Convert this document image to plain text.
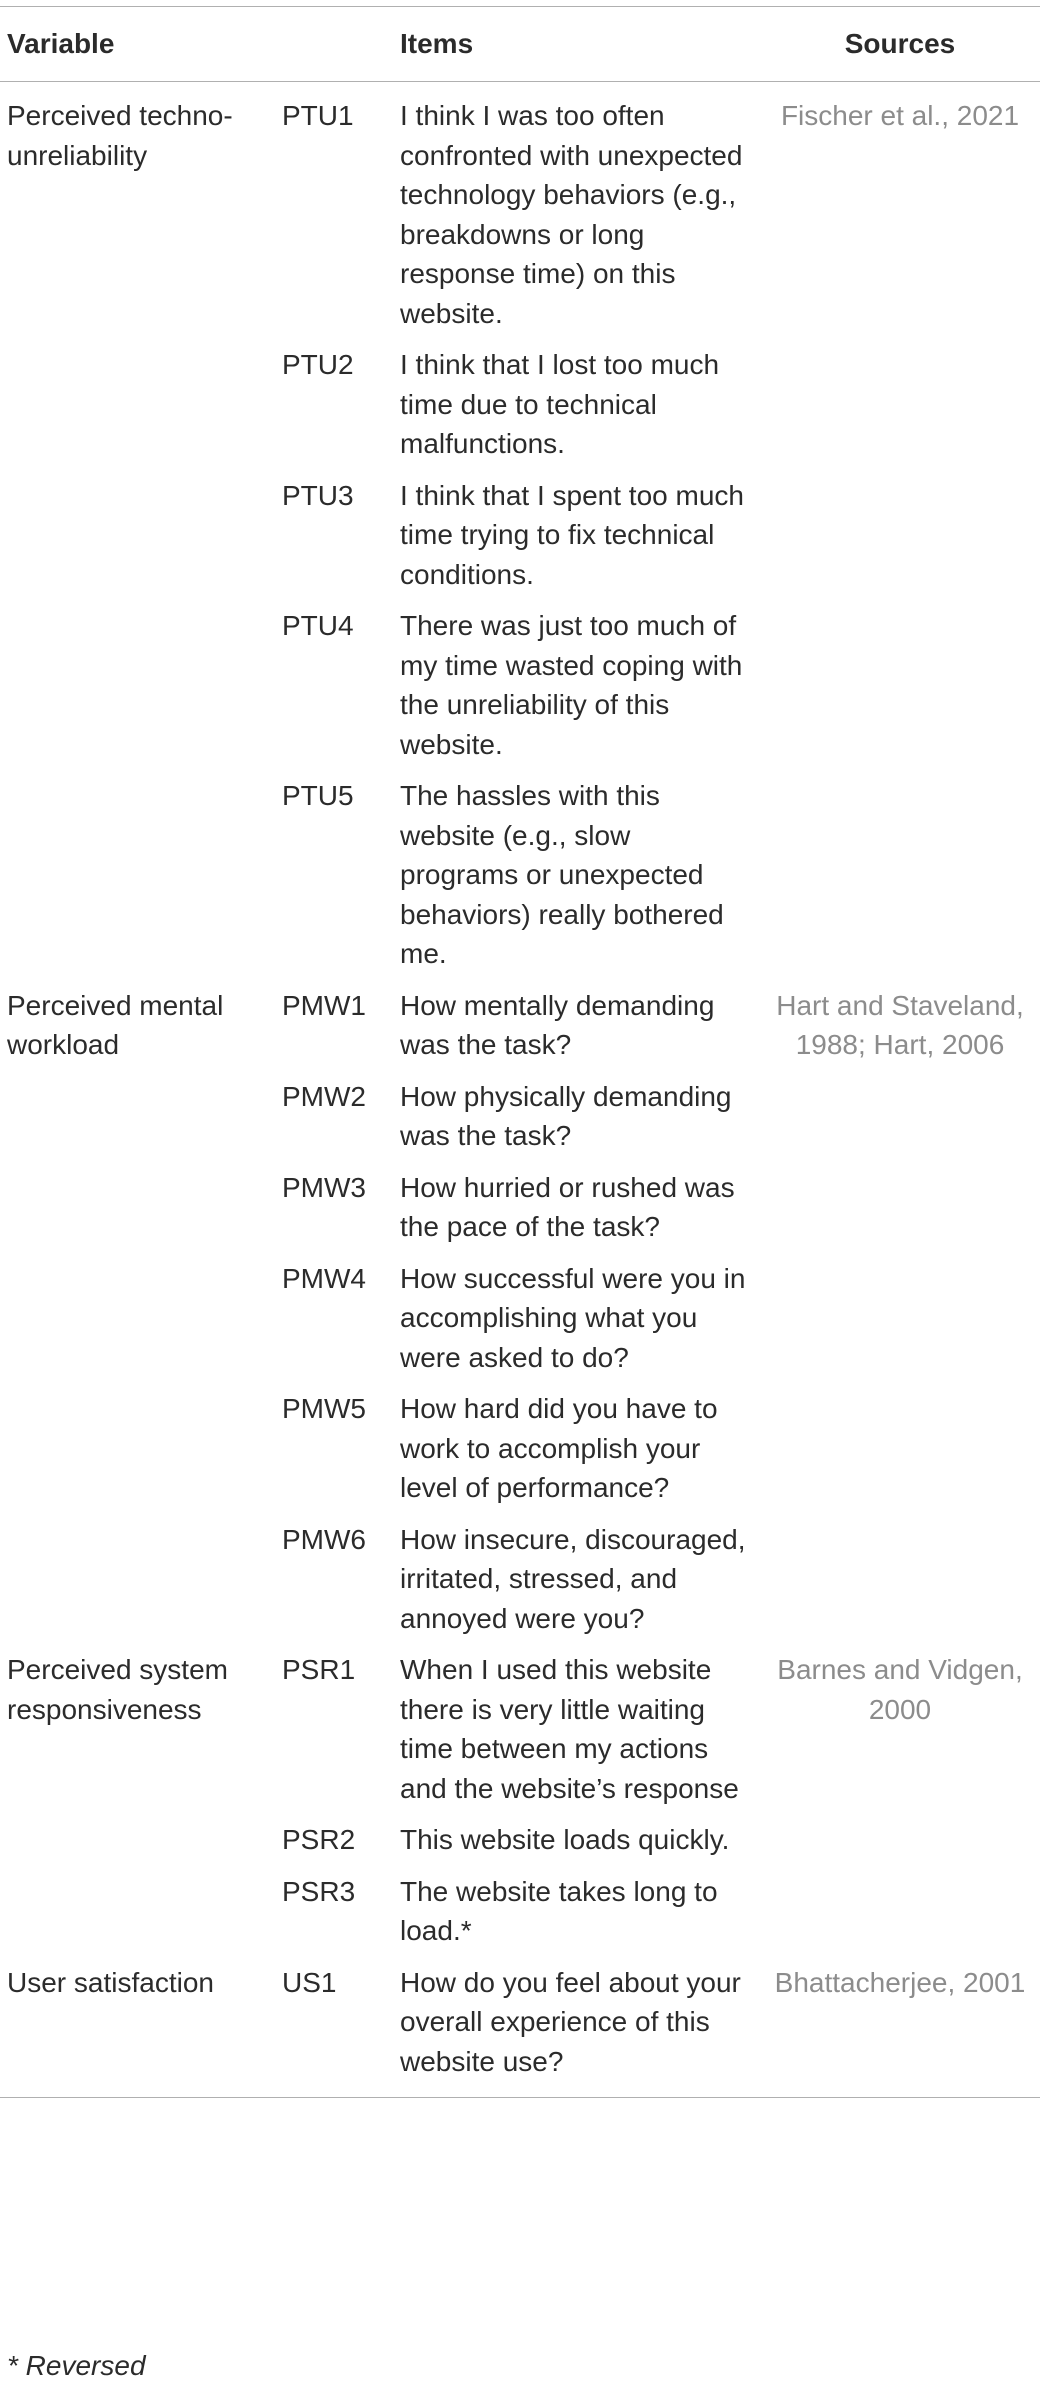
Variable		Items	Sources
Perceived techno-unreliability	PTU1	I think I was too often confronted with unexpected technology behaviors (e.g., breakdowns or long response time) on this website.	Fischer et al., 2021
	PTU2	I think that I lost too much time due to technical malfunctions.	
	PTU3	I think that I spent too much time trying to fix technical conditions.	
	PTU4	There was just too much of my time wasted coping with the unreliability of this website.	
	PTU5	The hassles with this website (e.g., slow programs or unexpected behaviors) really bothered me.	
Perceived mental workload	PMW1	How mentally demanding was the task?	Hart and Staveland, 1988; Hart, 2006
	PMW2	How physically demanding was the task?	
	PMW3	How hurried or rushed was the pace of the task?	
	PMW4	How successful were you in accomplishing what you were asked to do?	
	PMW5	How hard did you have to work to accomplish your level of performance?	
	PMW6	How insecure, discouraged, irritated, stressed, and annoyed were you?	
Perceived system responsiveness	PSR1	When I used this website there is very little waiting time between my actions and the website’s response	Barnes and Vidgen, 2000
	PSR2	This website loads quickly.	
	PSR3	The website takes long to load.*	
User satisfaction	US1	How do you feel about your overall experience of this website use?	Bhattacherjee, 2001
* Reversed
